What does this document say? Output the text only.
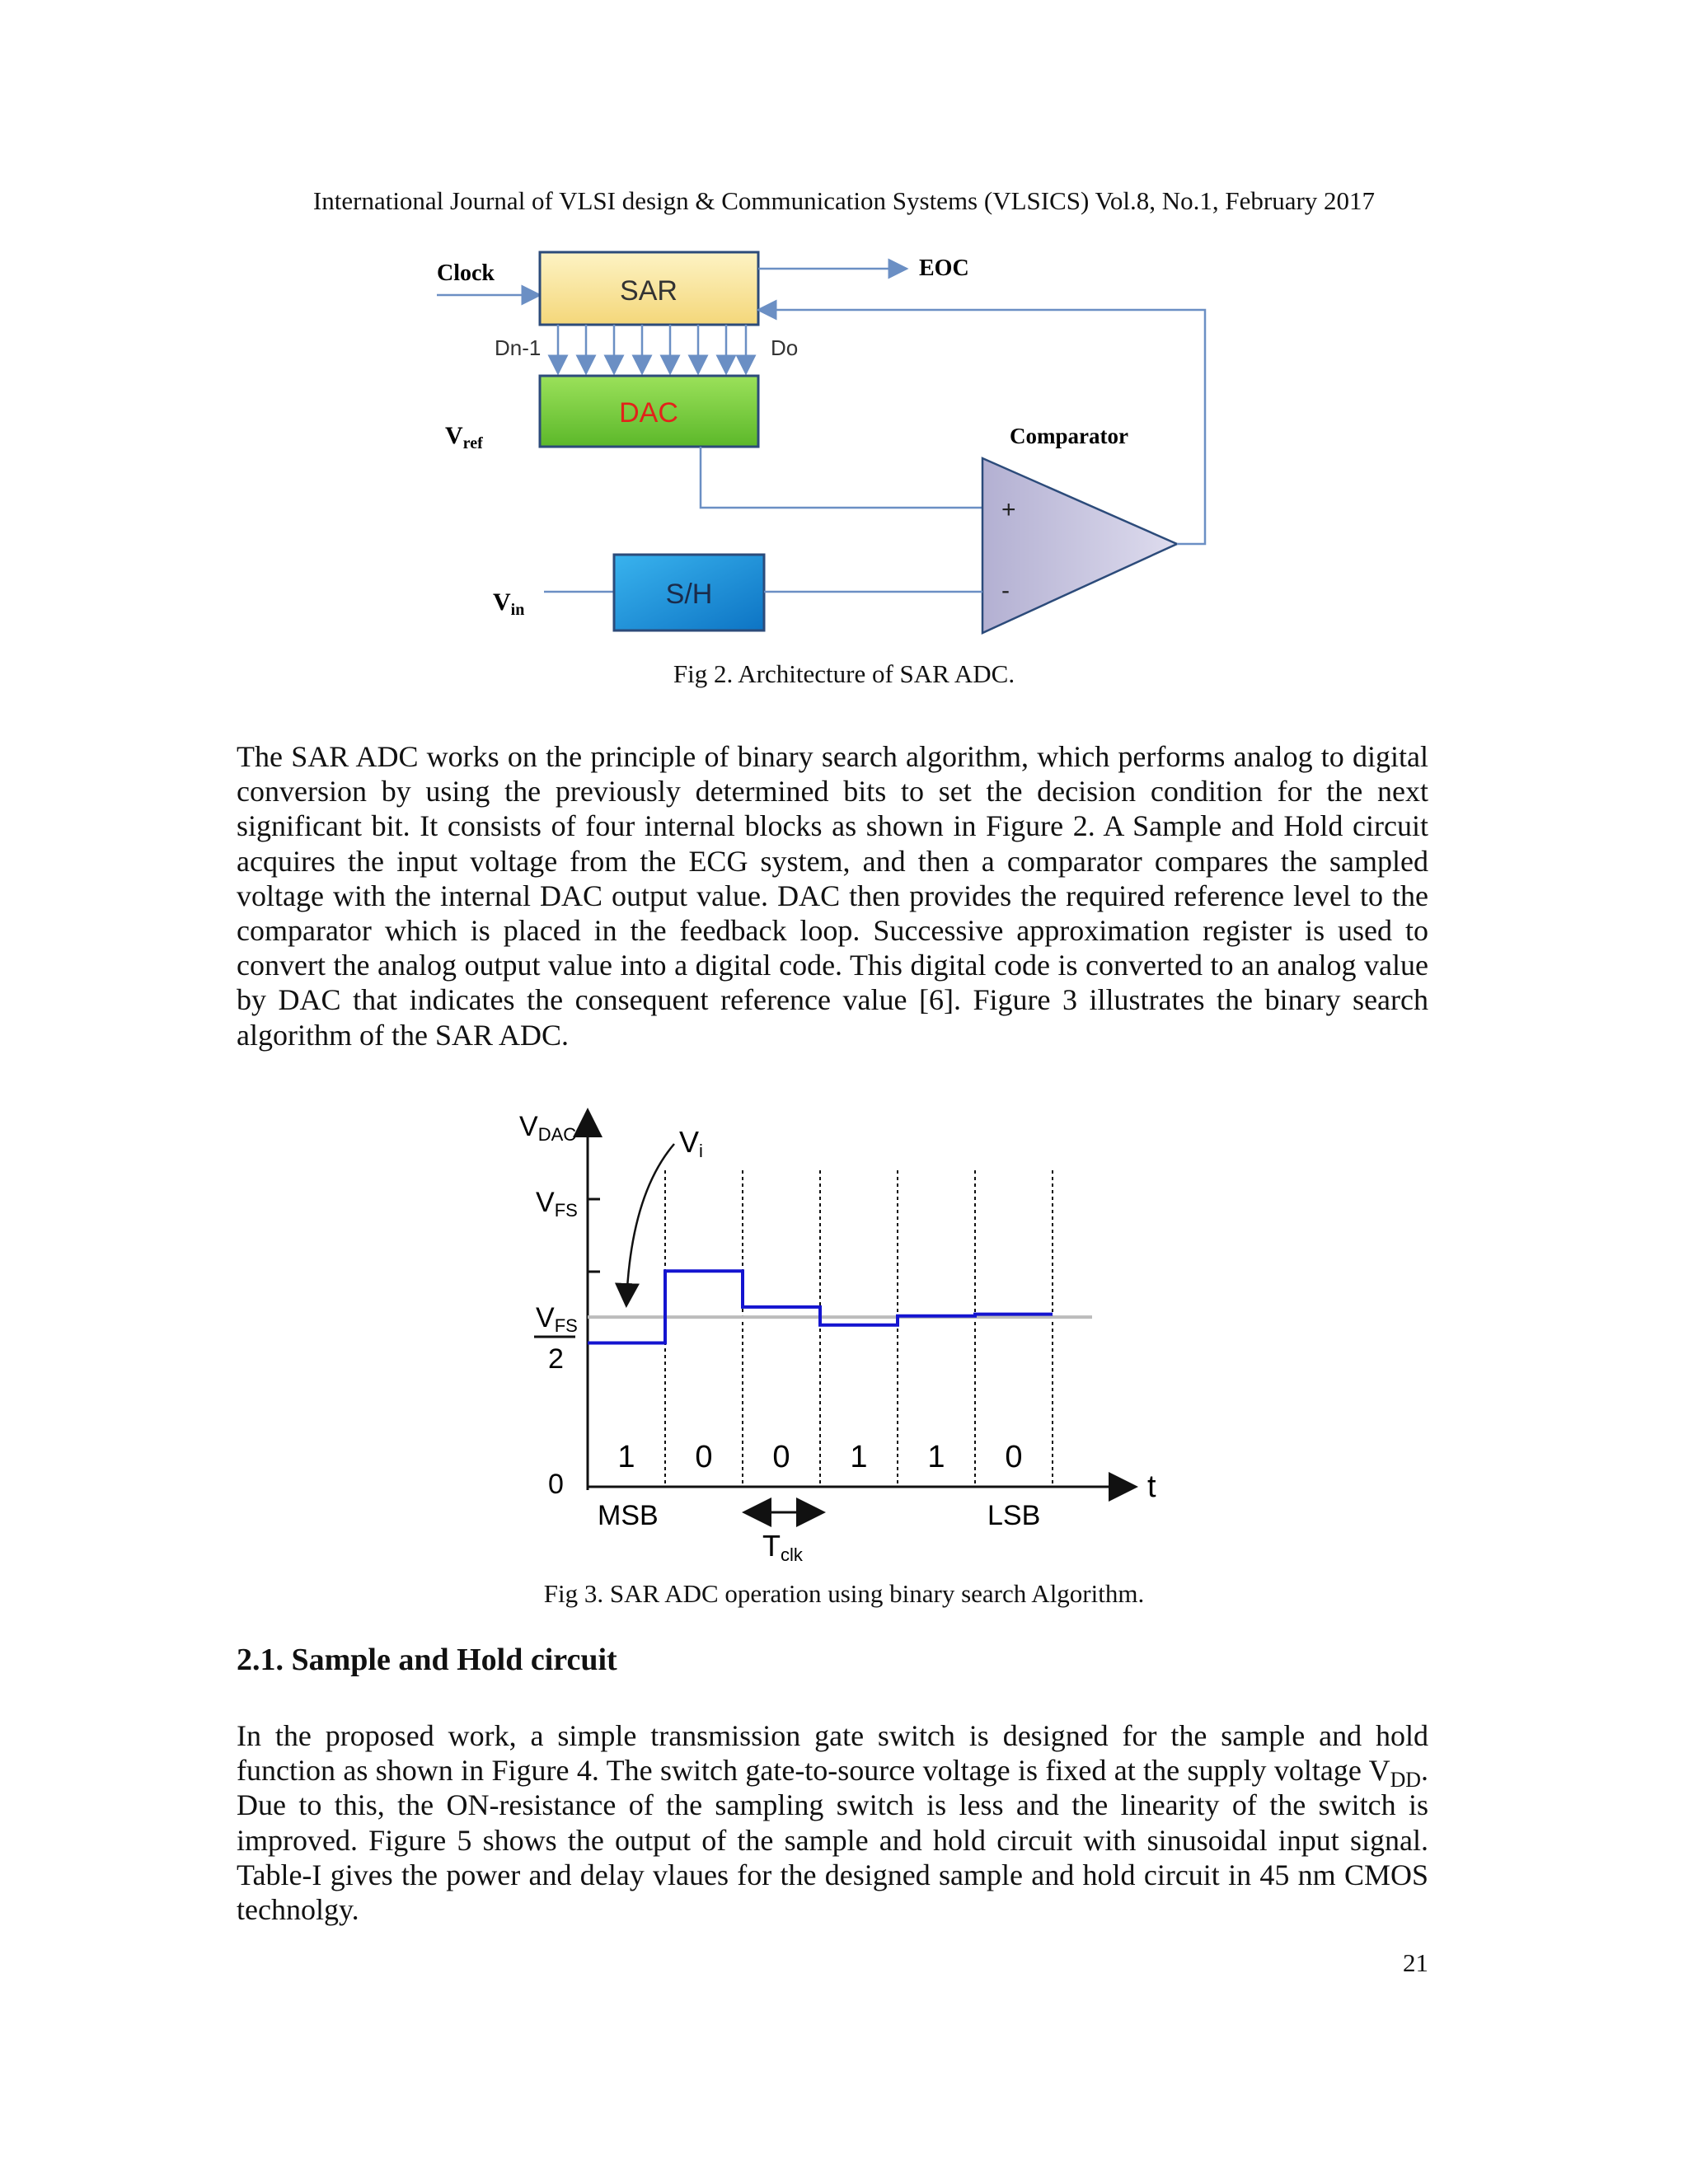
International Journal of VLSI design & Communication Systems (VLSICS) Vol.8, No.1, February 2017
Clock
SAR
EOC
Dn-1	Do
DAC
$V_{ref}$	Comparator
+
-
$V_{in}$	S/H
Fig 2. Architecture of SAR ADC.

The SAR ADC works on the principle of binary search algorithm, which performs analog to digital conversion by using the previously determined bits to set the decision condition for the next significant bit. It consists of four internal blocks as shown in Figure 2. A Sample and Hold circuit acquires the input voltage from the ECG system, and then a comparator compares the sampled voltage with the internal DAC output value. DAC then provides the required reference level to the comparator which is placed in the feedback loop. Successive approximation register is used to convert the analog output value into a digital code. This digital code is converted to an analog value by DAC that indicates the consequent reference value [6]. Figure 3 illustrates the binary search algorithm of the SAR ADC.

VDAC
VFS
VFS
2
0
Vi
1 0 0 1 1 0
t
MSB	LSB
Tclk
Fig 3. SAR ADC operation using binary search Algorithm.
2.1. Sample and Hold circuit

In the proposed work, a simple transmission gate switch is designed for the sample and hold function as shown in Figure 4. The switch gate-to-source voltage is fixed at the supply voltage $V_{DD}$. Due to this, the ON-resistance of the sampling switch is less and the linearity of the switch is improved. Figure 5 shows the output of the sample and hold circuit with sinusoidal input signal. Table-I gives the power and delay vlaues for the designed sample and hold circuit in 45 nm CMOS technolgy.

21
